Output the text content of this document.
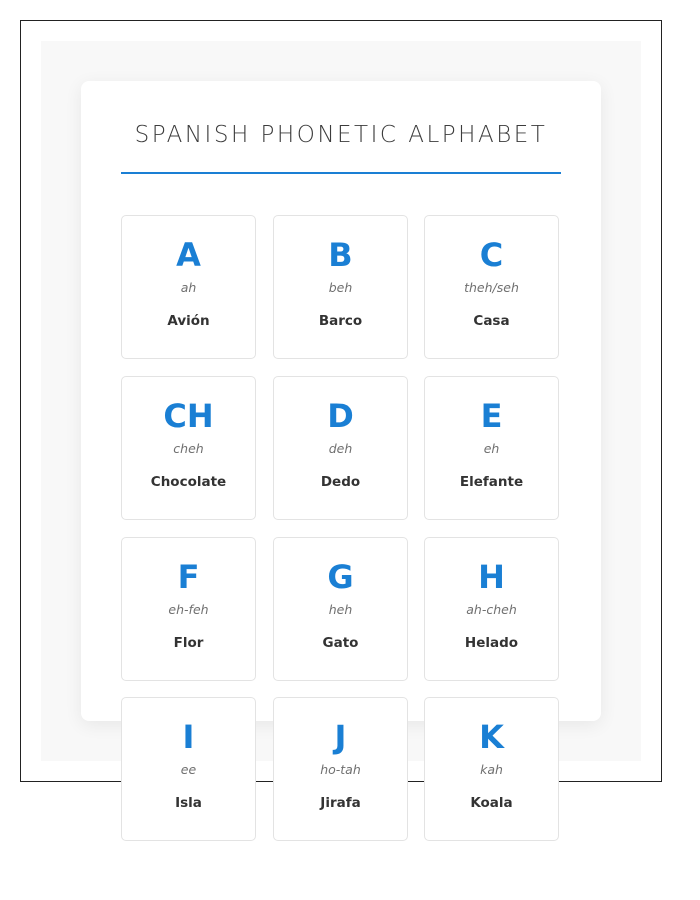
SPANISH PHONETIC ALPHABET
A
ah
Avión
B
beh
Barco
C
theh/seh
Casa
CH
cheh
Chocolate
D
deh
Dedo
E
eh
Elefante
F
eh-feh
Flor
G
heh
Gato
H
ah-cheh
Helado
I
ee
Isla
J
ho-tah
Jirafa
K
kah
Koala
